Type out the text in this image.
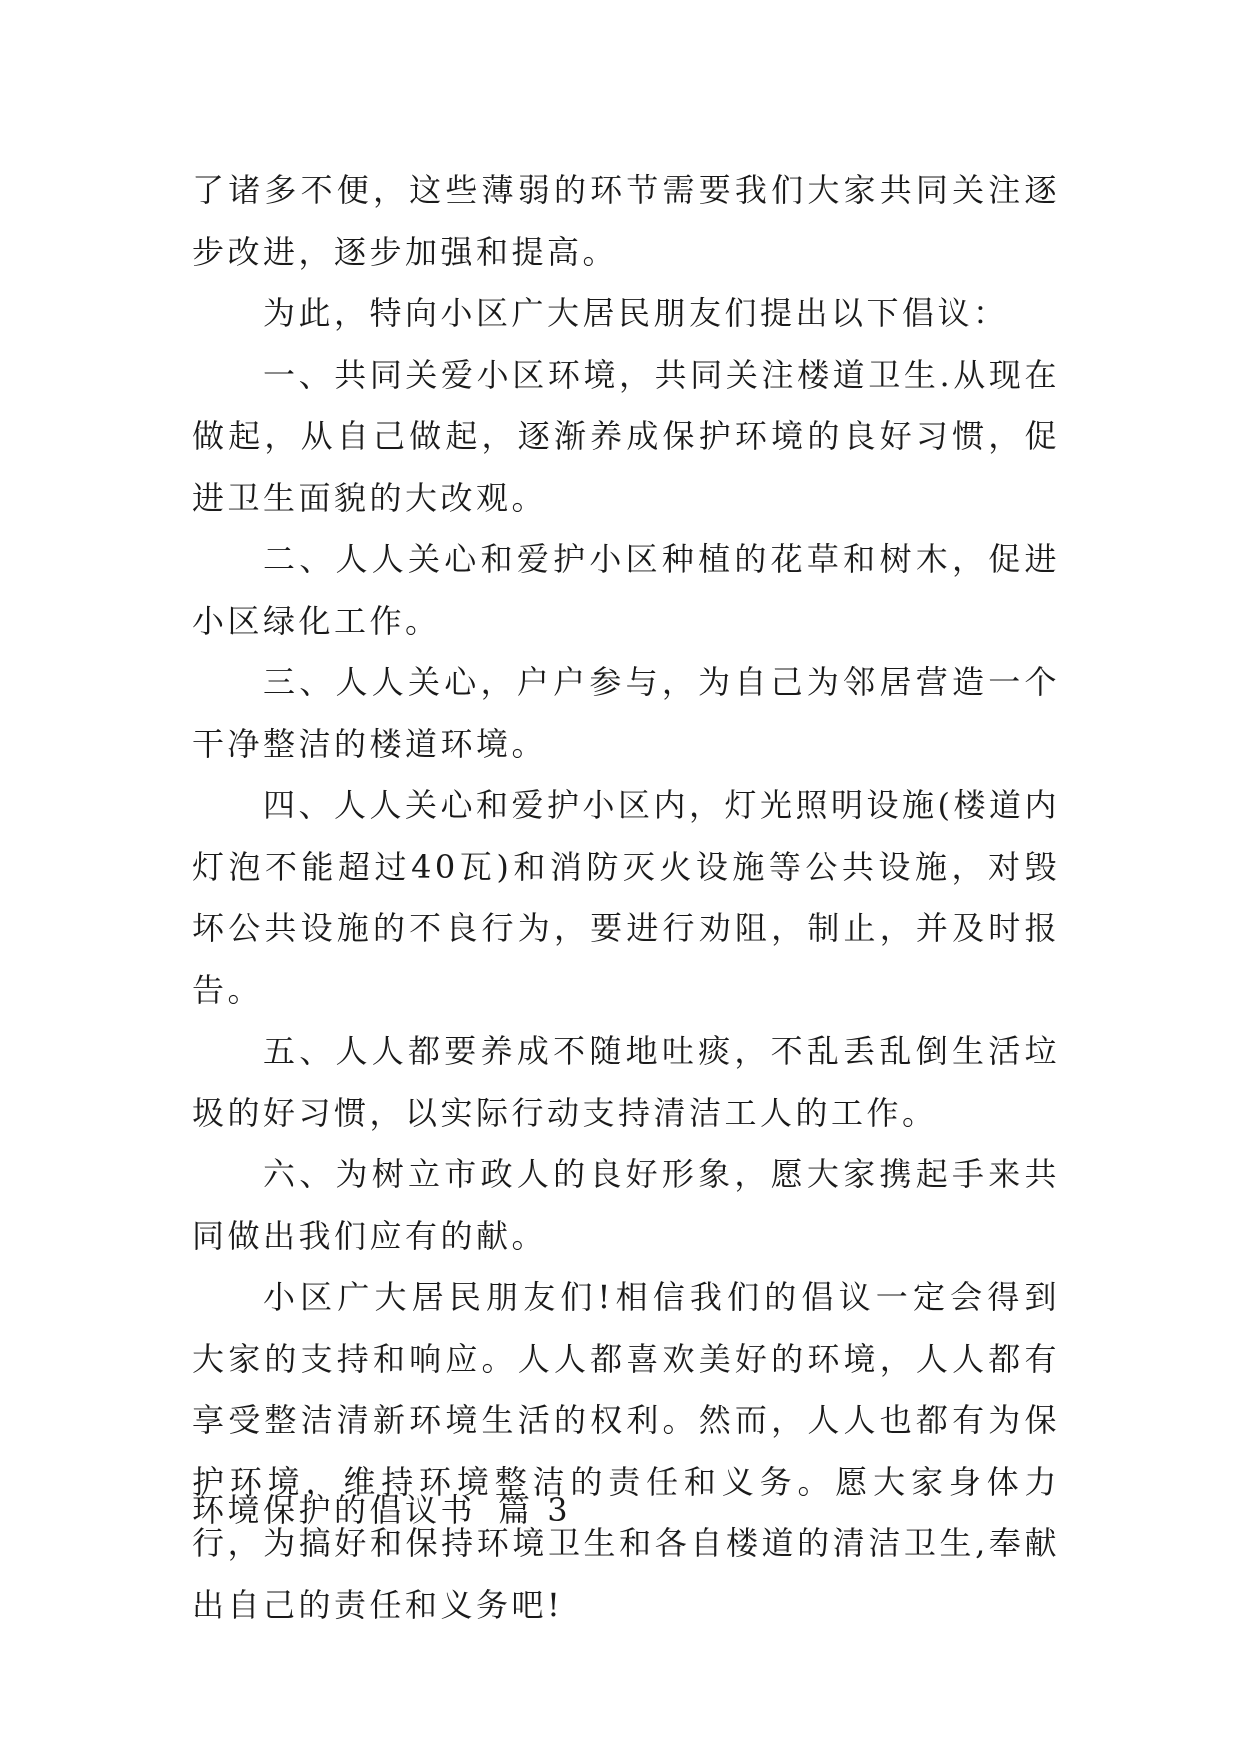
了诸多不便，这些薄弱的环节需要我们大家共同关注逐步改进，逐步加强和提高。

为此，特向小区广大居民朋友们提出以下倡议：

一、共同关爱小区环境，共同关注楼道卫生.从现在做起，从自己做起，逐渐养成保护环境的良好习惯，促进卫生面貌的大改观。

二、人人关心和爱护小区种植的花草和树木，促进小区绿化工作。

三、人人关心，户户参与，为自己为邻居营造一个干净整洁的楼道环境。

四、人人关心和爱护小区内，灯光照明设施(楼道内灯泡不能超过40瓦)和消防灭火设施等公共设施，对毁坏公共设施的不良行为，要进行劝阻，制止，并及时报告。

五、人人都要养成不随地吐痰，不乱丢乱倒生活垃圾的好习惯，以实际行动支持清洁工人的工作。

六、为树立市政人的良好形象，愿大家携起手来共同做出我们应有的献。

小区广大居民朋友们!相信我们的倡议一定会得到大家的支持和响应。人人都喜欢美好的环境，人人都有享受整洁清新环境生活的权利。然而，人人也都有为保护环境，维持环境整洁的责任和义务。愿大家身体力行，为搞好和保持环境卫生和各自楼道的清洁卫生,奉献出自己的责任和义务吧!

环境保护的倡议书 篇 3
